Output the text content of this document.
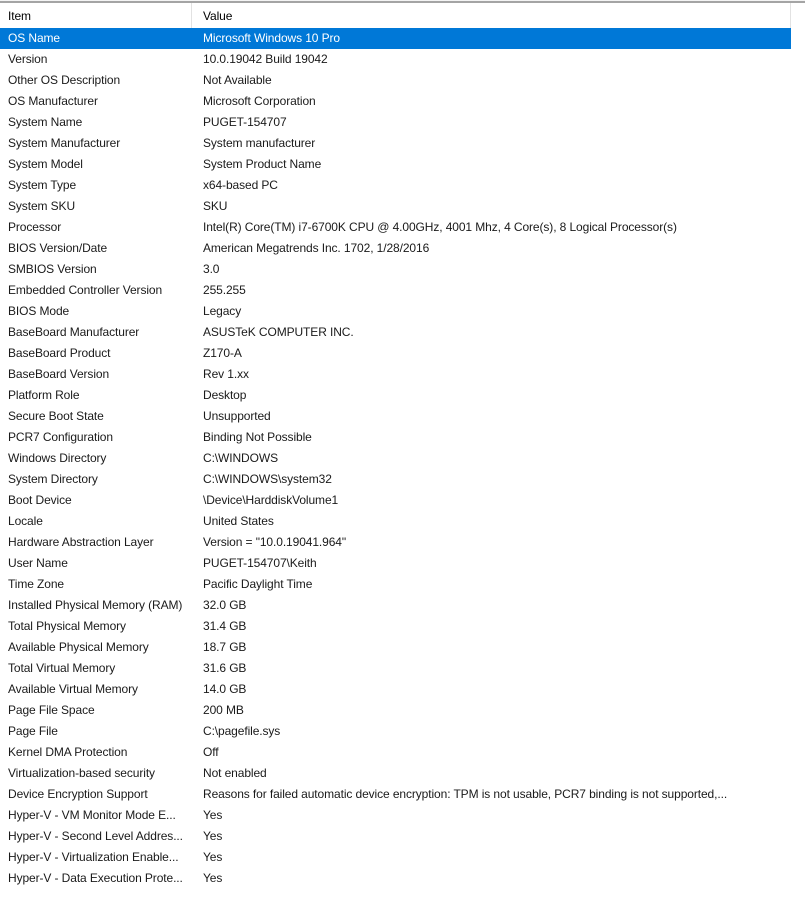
Item	Value
OS Name	Microsoft Windows 10 Pro
Version	10.0.19042 Build 19042
Other OS Description	Not Available
OS Manufacturer	Microsoft Corporation
System Name	PUGET-154707
System Manufacturer	System manufacturer
System Model	System Product Name
System Type	x64-based PC
System SKU	SKU
Processor	Intel(R) Core(TM) i7-6700K CPU @ 4.00GHz, 4001 Mhz, 4 Core(s), 8 Logical Processor(s)
BIOS Version/Date	American Megatrends Inc. 1702, 1/28/2016
SMBIOS Version	3.0
Embedded Controller Version	255.255
BIOS Mode	Legacy
BaseBoard Manufacturer	ASUSTeK COMPUTER INC.
BaseBoard Product	Z170-A
BaseBoard Version	Rev 1.xx
Platform Role	Desktop
Secure Boot State	Unsupported
PCR7 Configuration	Binding Not Possible
Windows Directory	C:\WINDOWS
System Directory	C:\WINDOWS\system32
Boot Device	\Device\HarddiskVolume1
Locale	United States
Hardware Abstraction Layer	Version = "10.0.19041.964"
User Name	PUGET-154707\Keith
Time Zone	Pacific Daylight Time
Installed Physical Memory (RAM)	32.0 GB
Total Physical Memory	31.4 GB
Available Physical Memory	18.7 GB
Total Virtual Memory	31.6 GB
Available Virtual Memory	14.0 GB
Page File Space	200 MB
Page File	C:\pagefile.sys
Kernel DMA Protection	Off
Virtualization-based security	Not enabled
Device Encryption Support	Reasons for failed automatic device encryption: TPM is not usable, PCR7 binding is not supported,...
Hyper-V - VM Monitor Mode E...	Yes
Hyper-V - Second Level Addres...	Yes
Hyper-V - Virtualization Enable...	Yes
Hyper-V - Data Execution Prote...	Yes
